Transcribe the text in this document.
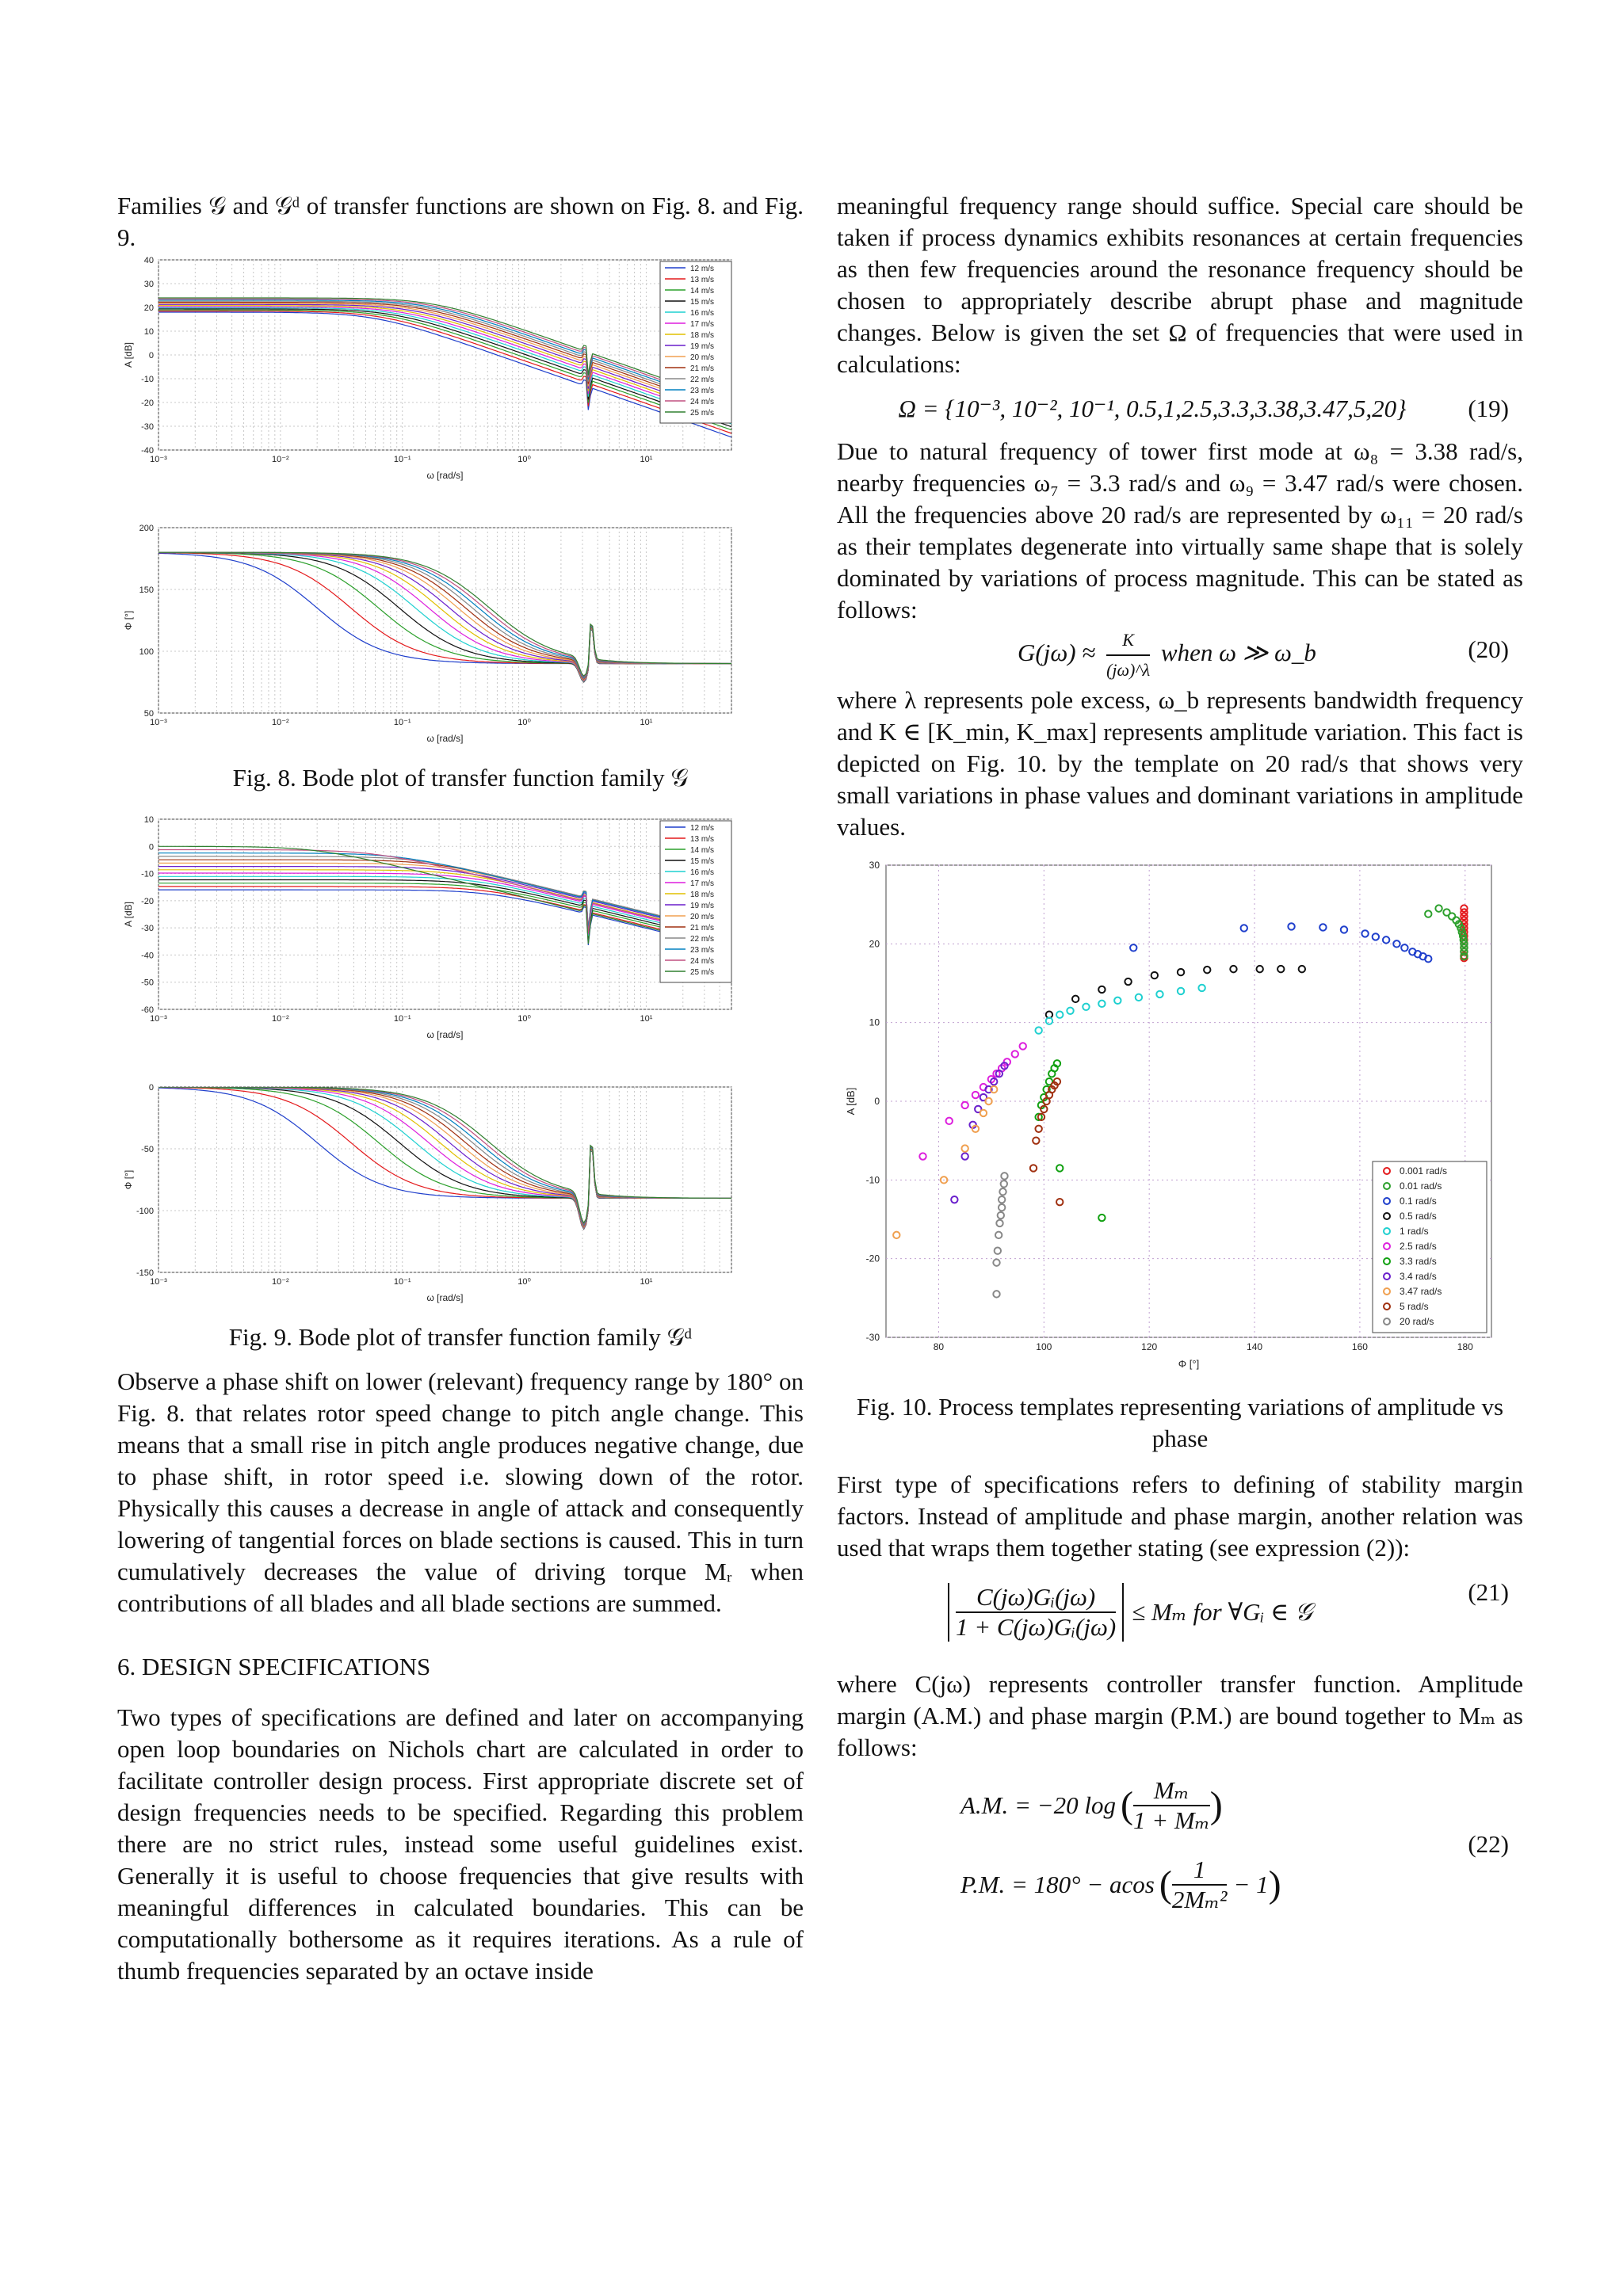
Families 𝒢 and 𝒢ᵈ of transfer functions are shown on Fig. 8. and Fig. 9.

-40
-30
-20
-10
0
10
20
30
40
10⁻³	10⁻²	10⁻¹	10⁰	10¹
ω [rad/s]
A [dB]
12 m/s
13 m/s
14 m/s
15 m/s
16 m/s
17 m/s
18 m/s
19 m/s
20 m/s
21 m/s
22 m/s
23 m/s
24 m/s
25 m/s
50
100
150
200
10⁻³	10⁻²	10⁻¹	10⁰	10¹
ω [rad/s]
Φ [°]

Fig. 8. Bode plot of transfer function family 𝒢

-60
-50
-40
-30
-20
-10
0
10
10⁻³	10⁻²	10⁻¹	10⁰	10¹
ω [rad/s]
A [dB]
12 m/s
13 m/s
14 m/s
15 m/s
16 m/s
17 m/s
18 m/s
19 m/s
20 m/s
21 m/s
22 m/s
23 m/s
24 m/s
25 m/s
-150
-100
-50
0
10⁻³	10⁻²	10⁻¹	10⁰	10¹
ω [rad/s]
Φ [°]

Fig. 9. Bode plot of transfer function family 𝒢ᵈ

Observe a phase shift on lower (relevant) frequency range by 180° on Fig. 8. that relates rotor speed change to pitch angle change. This means that a small rise in pitch angle produces negative change, due to phase shift, in rotor speed i.e. slowing down of the rotor. Physically this causes a decrease in angle of attack and consequently lowering of tangential forces on blade sections is caused. This in turn cumulatively decreases the value of driving torque Mᵣ when contributions of all blades and all blade sections are summed.

6. DESIGN SPECIFICATIONS

Two types of specifications are defined and later on accompanying open loop boundaries on Nichols chart are calculated in order to facilitate controller design process. First appropriate discrete set of design frequencies needs to be specified. Regarding this problem there are no strict rules, instead some useful guidelines exist. Generally it is useful to choose frequencies that give results with meaningful differences in calculated boundaries. This can be computationally bothersome as it requires iterations. As a rule of thumb frequencies separated by an octave inside

meaningful frequency range should suffice. Special care should be taken if process dynamics exhibits resonances at certain frequencies as then few frequencies around the resonance frequency should be chosen to appropriately describe abrupt phase and magnitude changes. Below is given the set Ω of frequencies that were used in calculations:

Ω = {10⁻³, 10⁻², 10⁻¹, 0.5,1,2.5,3.3,3.38,3.47,5,20}	(19)

Due to natural frequency of tower first mode at ω₈ = 3.38 rad/s, nearby frequencies ω₇ = 3.3 rad/s and ω₉ = 3.47 rad/s were chosen. All the frequencies above 20 rad/s are represented by ω₁₁ = 20 rad/s as their templates degenerate into virtually same shape that is solely dominated by variations of process magnitude. This can be stated as follows:

$G(j\omega) \approx \frac{K}{(j\omega)\^{}\lambda}$ when ω ≫ ω_b	(20)

where λ represents pole excess, ω_b represents bandwidth frequency and K ∈ [K_min, K_max] represents amplitude variation. This fact is depicted on Fig. 10. by the template on 20 rad/s that shows very small variations in phase values and dominant variations in amplitude values.

80	100	120	140	160	180
-30
-20
-10
0
10
20
30
Φ [°]
A [dB]
0.001 rad/s
0.01 rad/s
0.1 rad/s
0.5 rad/s
1 rad/s
2.5 rad/s
3.3 rad/s
3.4 rad/s
3.47 rad/s
5 rad/s
20 rad/s

Fig. 10. Process templates representing variations of amplitude vs phase

First type of specifications refers to defining of stability margin factors. Instead of amplitude and phase margin, another relation was used that wraps them together stating (see expression (2)):

$\frac{\text{C(jω)Gᵢ(jω)}}{\text{1 + C(jω)Gᵢ(jω)}} \le M_m$ for ∀Gᵢ ∈ 𝒢
(21)

where C(jω) represents controller transfer function. Amplitude margin (A.M.) and phase margin (P.M.) are bound together to Mₘ as follows:

A.M. = −20 log ( $\frac{\text{Mₘ}}{\text{1 + Mₘ}}$ )
P.M. = 180° − acos ( $\frac{1}{\text{2Mₘ²}} - 1$ )
(22)
